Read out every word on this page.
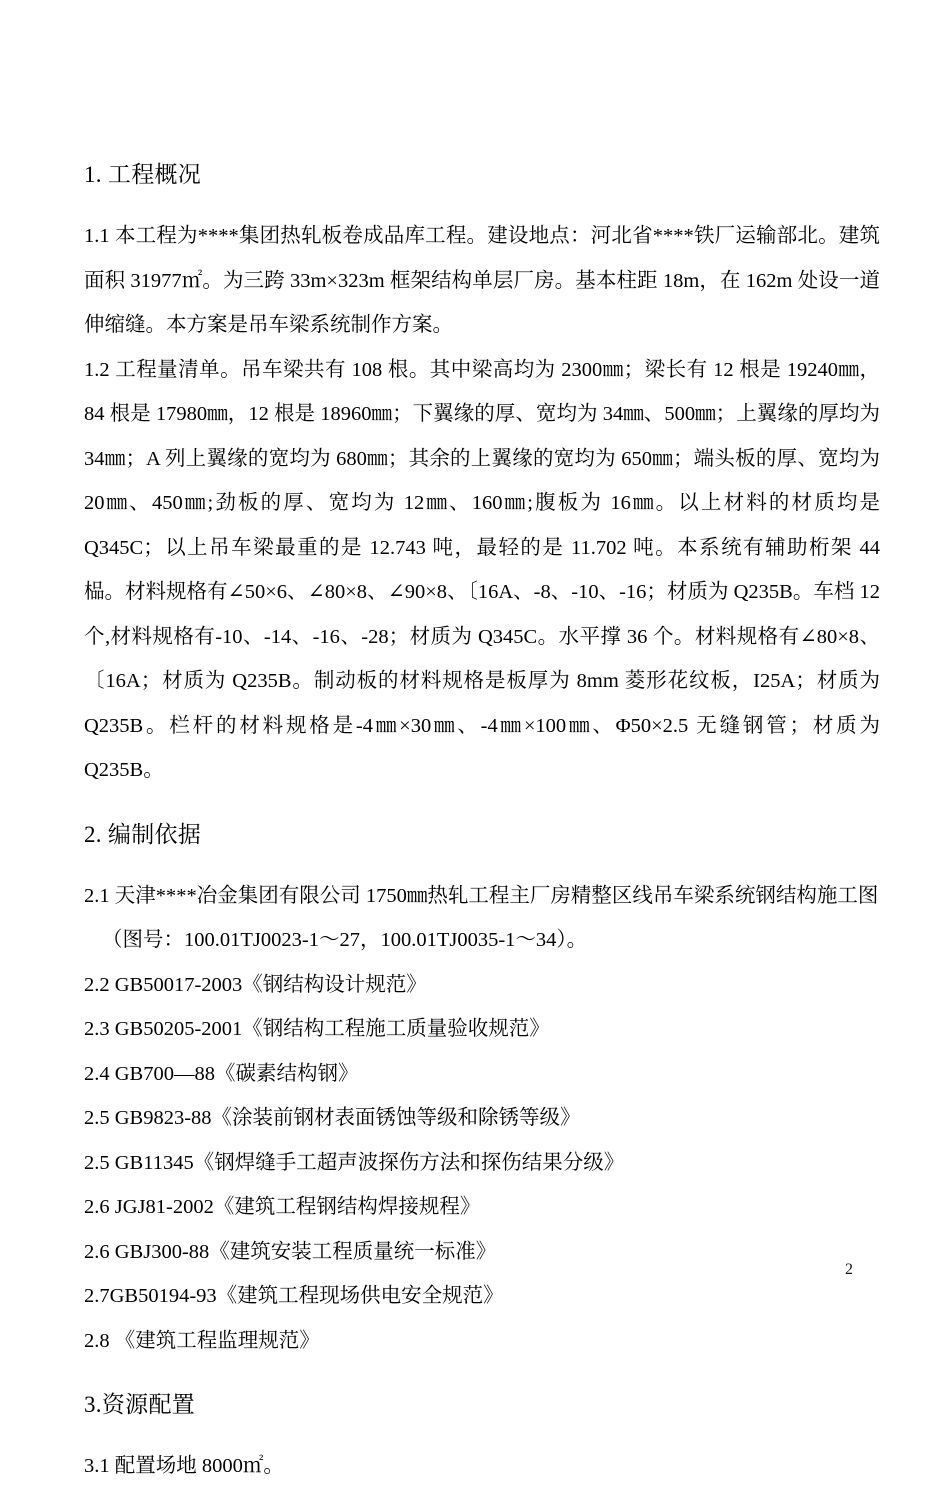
1. 工程概况

1.1 本工程为****集团热轧板卷成品库工程。建设地点：河北省****铁厂运输部北。建筑面积 31977㎡。为三跨 33m×323m 框架结构单层厂房。基本柱距 18m，在 162m 处设一道伸缩缝。本方案是吊车梁系统制作方案。

1.2 工程量清单。吊车梁共有 108 根。其中梁高均为 2300㎜；梁长有 12 根是 19240㎜，84 根是 17980㎜，12 根是 18960㎜；下翼缘的厚、宽均为 34㎜、500㎜；上翼缘的厚均为 34㎜；A 列上翼缘的宽均为 680㎜；其余的上翼缘的宽均为 650㎜；端头板的厚、宽均为 20㎜、450㎜;劲板的厚、宽均为 12㎜、160㎜;腹板为 16㎜。以上材料的材质均是 Q345C；以上吊车梁最重的是 12.743 吨，最轻的是 11.702 吨。本系统有辅助桁架 44 榀。材料规格有∠50×6、∠80×8、∠90×8、〔16A、-8、-10、-16；材质为 Q235B。车档 12 个,材料规格有-10、-14、-16、-28；材质为 Q345C。水平撑 36 个。材料规格有∠80×8、〔16A；材质为 Q235B。制动板的材料规格是板厚为 8mm 菱形花纹板，I25A；材质为 Q235B。栏杆的材料规格是-4㎜×30㎜、-4㎜×100㎜、Φ50×2.5 无缝钢管；材质为 Q235B。

2. 编制依据

2.1 天津****冶金集团有限公司 1750㎜热轧工程主厂房精整区线吊车梁系统钢结构施工图

（图号：100.01TJ0023-1～27，100.01TJ0035-1～34）。

2.2 GB50017-2003《钢结构设计规范》

2.3 GB50205-2001《钢结构工程施工质量验收规范》

2.4 GB700—88《碳素结构钢》

2.5 GB9823-88《涂装前钢材表面锈蚀等级和除锈等级》

2.5 GB11345《钢焊缝手工超声波探伤方法和探伤结果分级》

2.6 JGJ81-2002《建筑工程钢结构焊接规程》

2.6 GBJ300-88《建筑安装工程质量统一标准》

2.7GB50194-93《建筑工程现场供电安全规范》

2.8 《建筑工程监理规范》

3.资源配置

3.1 配置场地 8000㎡。

2
